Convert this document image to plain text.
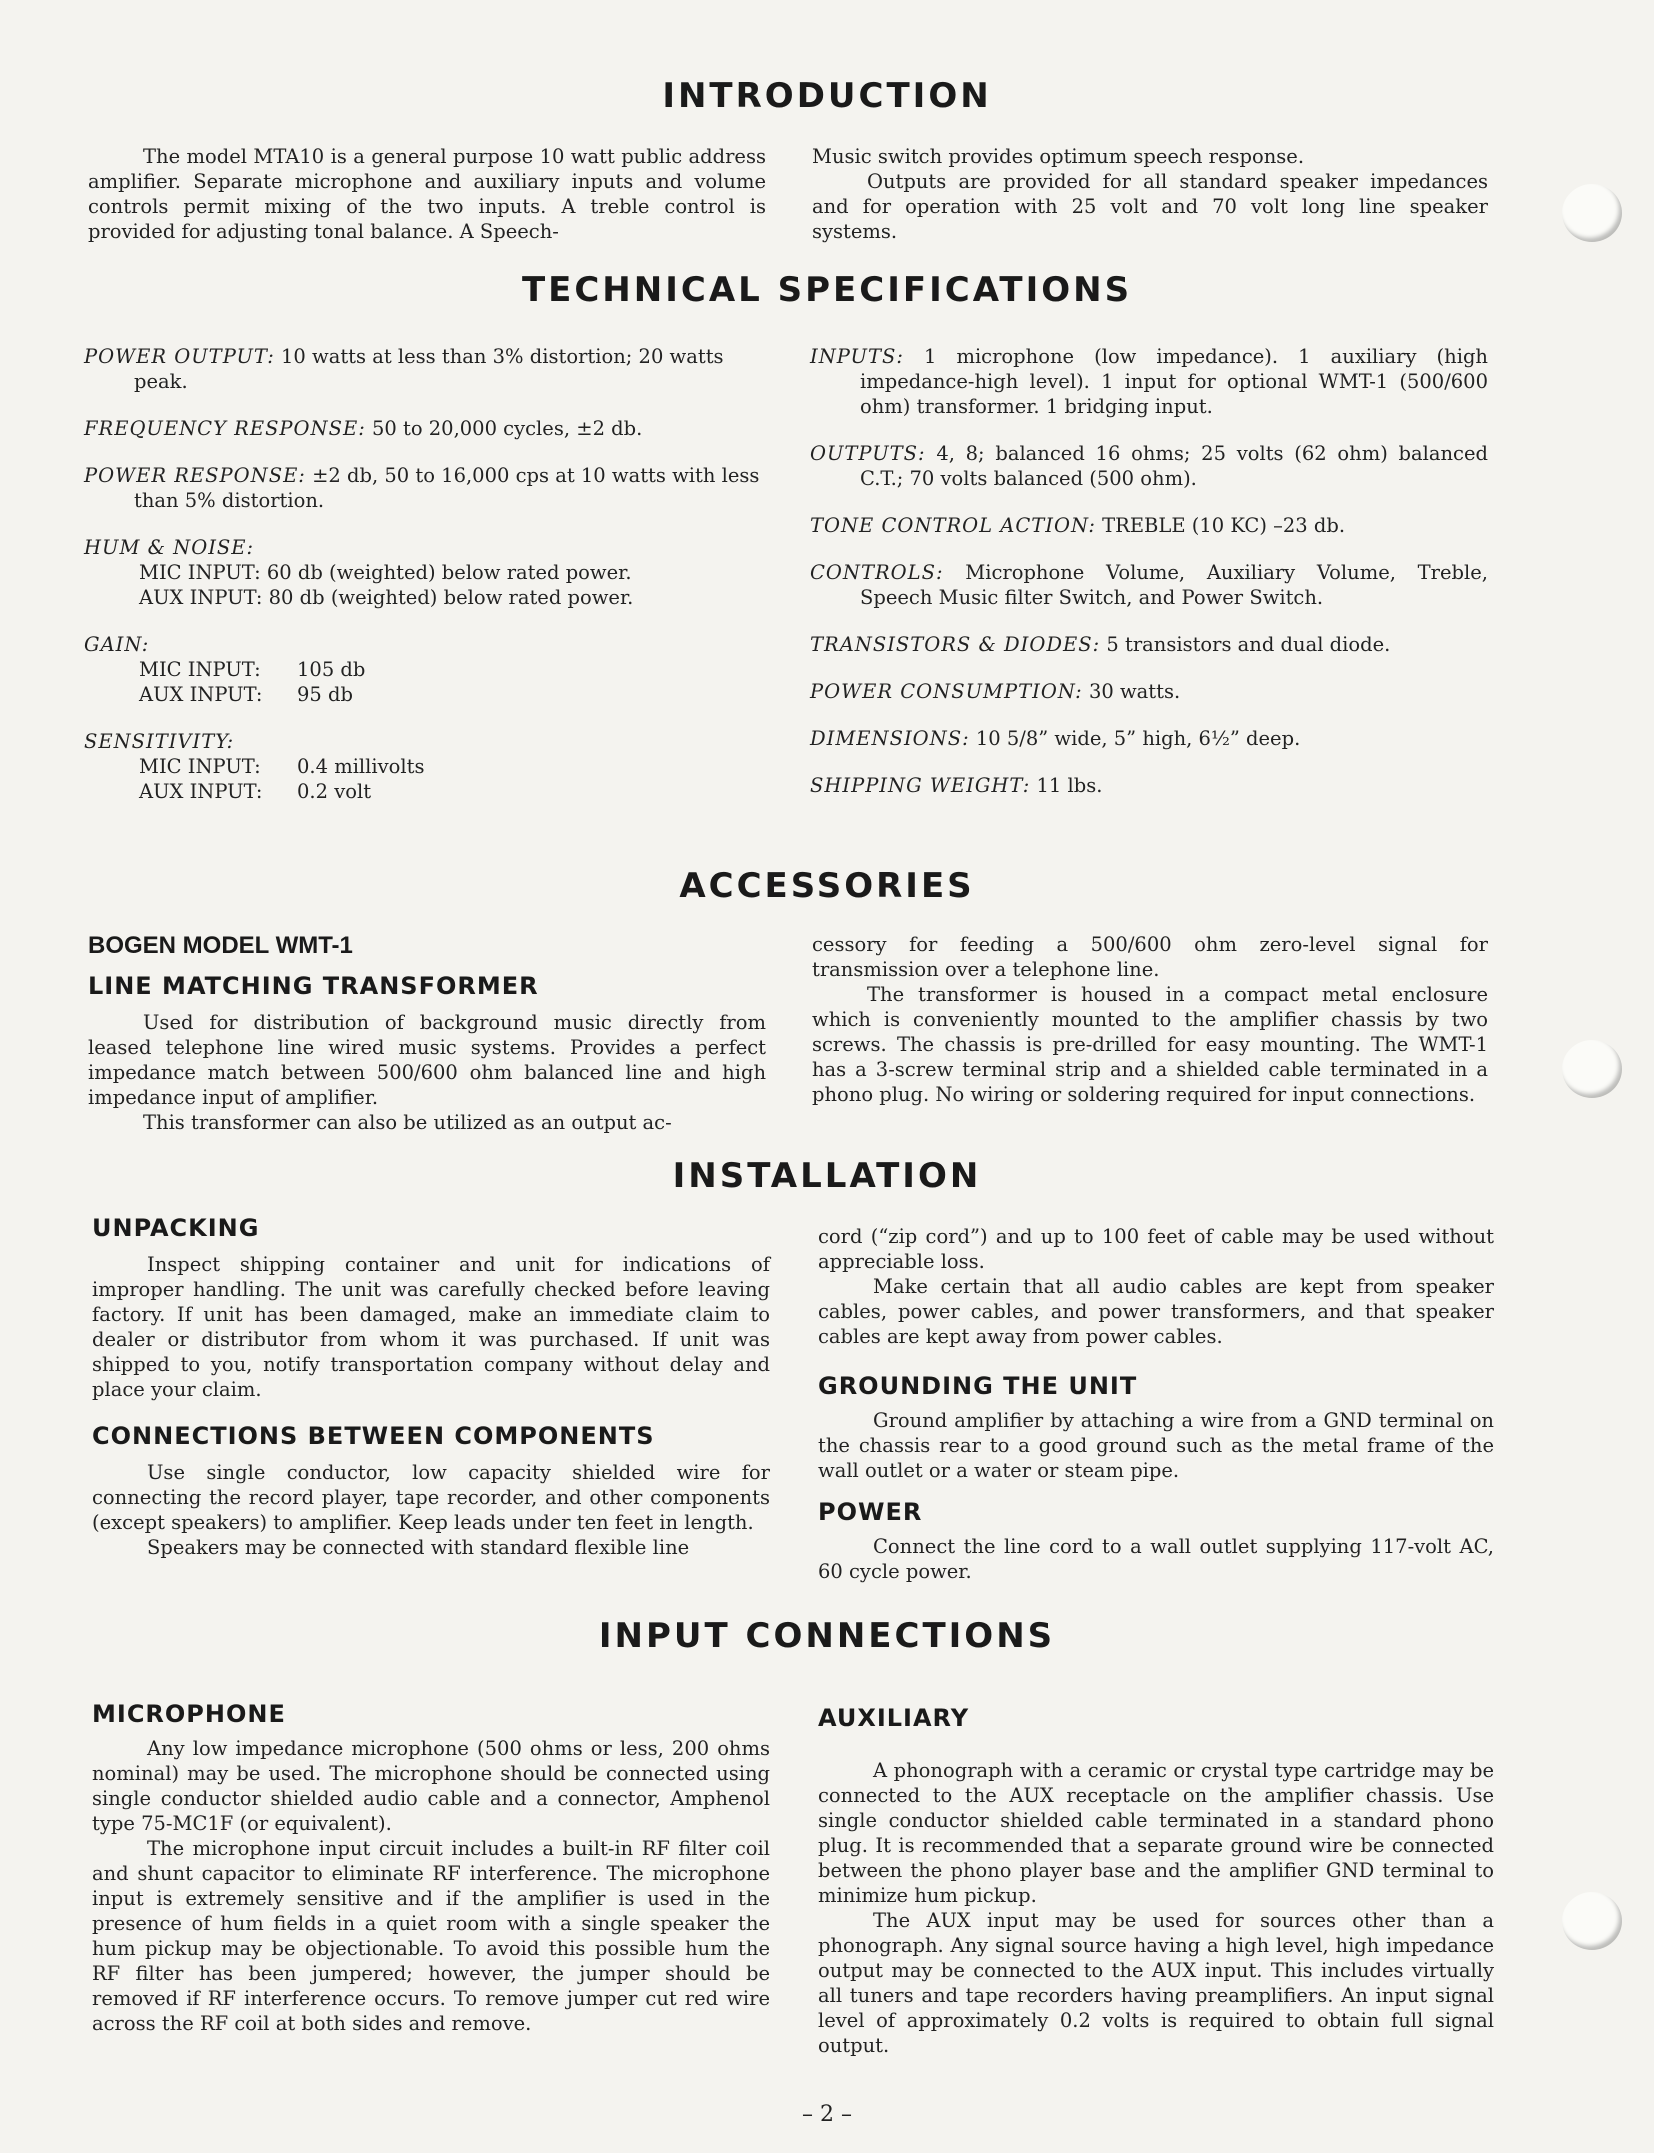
INTRODUCTION

The model MTA10 is a general purpose 10 watt public address amplifier. Separate microphone and auxiliary inputs and volume controls permit mixing of the two inputs. A treble control is provided for adjusting tonal balance. A Speech-

Music switch provides optimum speech response.

Outputs are provided for all standard speaker impedances and for operation with 25 volt and 70 volt long line speaker systems.

TECHNICAL SPECIFICATIONS

POWER OUTPUT: 10 watts at less than 3% distortion; 20 watts peak.

FREQUENCY RESPONSE: 50 to 20,000 cycles, ±2 db.

POWER RESPONSE: ±2 db, 50 to 16,000 cps at 10 watts with less than 5% distortion.

HUM & NOISE:

MIC INPUT: 60 db (weighted) below rated power.

AUX INPUT: 80 db (weighted) below rated power.

GAIN:

MIC INPUT:	105 db

AUX INPUT:	95 db

SENSITIVITY:

MIC INPUT:	0.4 millivolts

AUX INPUT:	0.2 volt

INPUTS: 1 microphone (low impedance). 1 auxiliary (high impedance-high level). 1 input for optional WMT-1 (500/600 ohm) transformer. 1 bridging input.

OUTPUTS: 4, 8; balanced 16 ohms; 25 volts (62 ohm) balanced C.T.; 70 volts balanced (500 ohm).

TONE CONTROL ACTION: TREBLE (10 KC) –23 db.

CONTROLS: Microphone Volume, Auxiliary Volume, Treble, Speech Music filter Switch, and Power Switch.

TRANSISTORS & DIODES: 5 transistors and dual diode.

POWER CONSUMPTION: 30 watts.

DIMENSIONS: 10 5/8” wide, 5” high, 6½” deep.

SHIPPING WEIGHT: 11 lbs.

ACCESSORIES
BOGEN MODEL WMT-1
LINE MATCHING TRANSFORMER

Used for distribution of background music directly from leased telephone line wired music systems. Provides a perfect impedance match between 500/600 ohm balanced line and high impedance input of amplifier.

This transformer can also be utilized as an output ac-

cessory for feeding a 500/600 ohm zero-level signal for transmission over a telephone line.

The transformer is housed in a compact metal enclosure which is conveniently mounted to the amplifier chassis by two screws. The chassis is pre-drilled for easy mounting. The WMT-1 has a 3-screw terminal strip and a shielded cable terminated in a phono plug. No wiring or soldering required for input connections.

INSTALLATION
UNPACKING

Inspect shipping container and unit for indications of improper handling. The unit was carefully checked before leaving factory. If unit has been damaged, make an immediate claim to dealer or distributor from whom it was purchased. If unit was shipped to you, notify transportation company without delay and place your claim.

CONNECTIONS BETWEEN COMPONENTS

Use single conductor, low capacity shielded wire for connecting the record player, tape recorder, and other components (except speakers) to amplifier. Keep leads under ten feet in length.

Speakers may be connected with standard flexible line

cord (“zip cord”) and up to 100 feet of cable may be used without appreciable loss.

Make certain that all audio cables are kept from speaker cables, power cables, and power transformers, and that speaker cables are kept away from power cables.

GROUNDING THE UNIT

Ground amplifier by attaching a wire from a GND terminal on the chassis rear to a good ground such as the metal frame of the wall outlet or a water or steam pipe.

POWER

Connect the line cord to a wall outlet supplying 117-volt AC, 60 cycle power.

INPUT CONNECTIONS
MICROPHONE

Any low impedance microphone (500 ohms or less, 200 ohms nominal) may be used. The microphone should be connected using single conductor shielded audio cable and a connector, Amphenol type 75-MC1F (or equivalent).

The microphone input circuit includes a built-in RF filter coil and shunt capacitor to eliminate RF interference. The microphone input is extremely sensitive and if the amplifier is used in the presence of hum fields in a quiet room with a single speaker the hum pickup may be objectionable. To avoid this possible hum the RF filter has been jumpered; however, the jumper should be removed if RF interference occurs. To remove jumper cut red wire across the RF coil at both sides and remove.

AUXILIARY

A phonograph with a ceramic or crystal type cartridge may be connected to the AUX receptacle on the amplifier chassis. Use single conductor shielded cable terminated in a standard phono plug. It is recommended that a separate ground wire be connected between the phono player base and the amplifier GND terminal to minimize hum pickup.

The AUX input may be used for sources other than a phonograph. Any signal source having a high level, high impedance output may be connected to the AUX input. This includes virtually all tuners and tape recorders having preamplifiers. An input signal level of approximately 0.2 volts is required to obtain full signal output.

– 2 –
